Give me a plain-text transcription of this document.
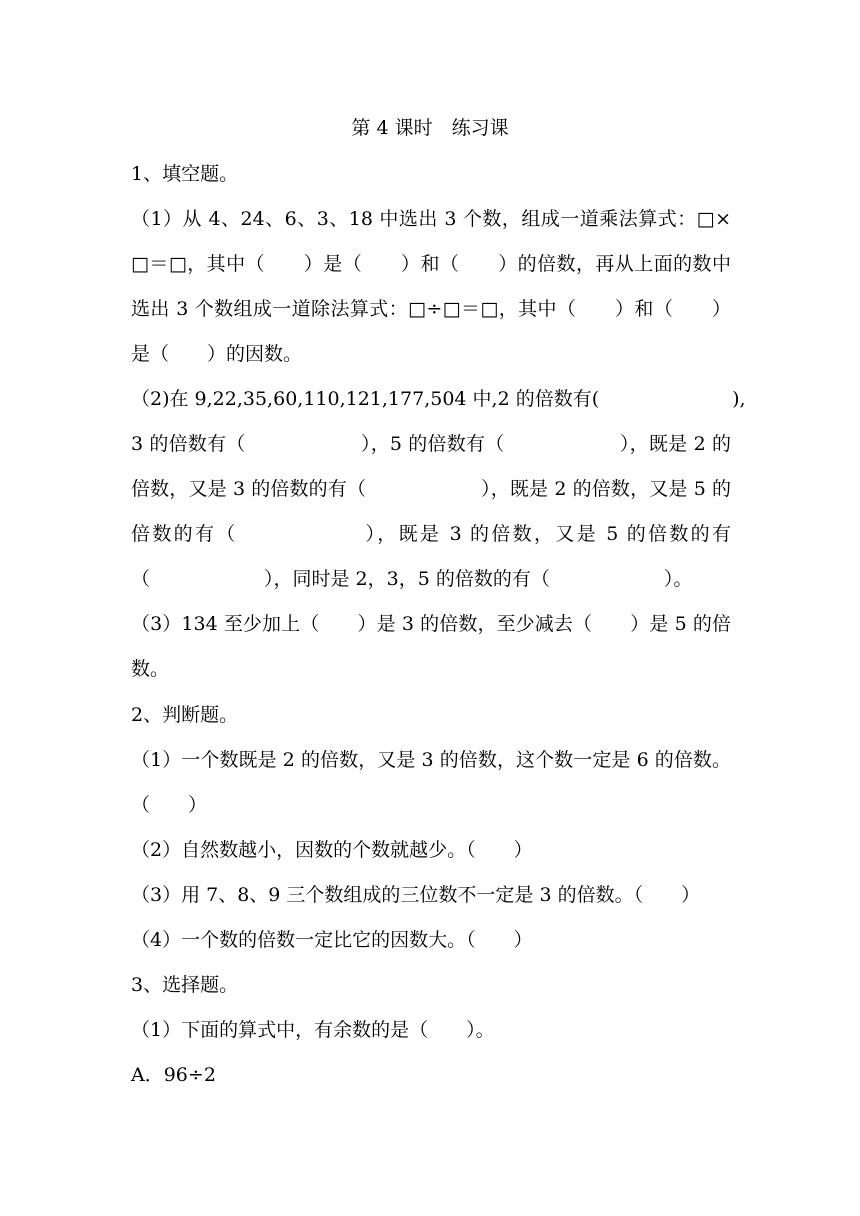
第 4 课时　练习课
1、填空题。
（1）从 4、24、6、3、18 中选出 3 个数，组成一道乘法算式：□×
□＝□，其中（　　）是（　　）和（　　）的倍数，再从上面的数中
选出 3 个数组成一道除法算式：□÷□＝□，其中（　　）和（　　）
是（　　）的因数。
（2)在 9,22,35,60,110,121,177,504 中,2 的倍数有(　　　　　　　),
3 的倍数有（　　　　　　），5 的倍数有（　　　　　　），既是 2 的
倍数，又是 3 的倍数的有（　　　　　　），既是 2 的倍数，又是 5 的
倍数的有（　　　　　　），既是 3 的倍数，又是 5 的倍数的有
（　　　　　　），同时是 2，3，5 的倍数的有（　　　　　　）。
（3）134 至少加上（　　）是 3 的倍数，至少减去（　　）是 5 的倍
数。
2、判断题。
（1）一个数既是 2 的倍数，又是 3 的倍数，这个数一定是 6 的倍数。
（　　）
（2）自然数越小，因数的个数就越少。（　　）
（3）用 7、8、9 三个数组成的三位数不一定是 3 的倍数。（　　）
（4）一个数的倍数一定比它的因数大。（　　）
3、选择题。
（1）下面的算式中，有余数的是（　　）。
A．96÷2
